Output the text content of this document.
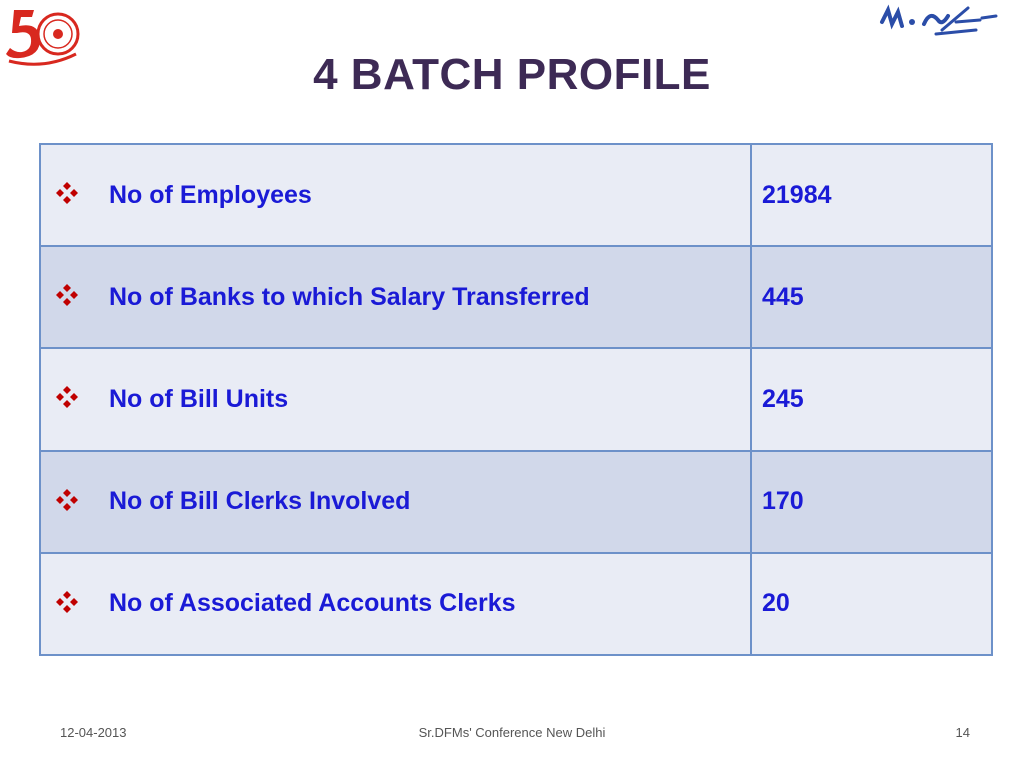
4 BATCH PROFILE
No of Employees	21984

No of Banks to which Salary Transferred	445

No of Bill Units	245

No of Bill Clerks Involved	170

No of Associated Accounts Clerks	20
12-04-2013	Sr.DFMs' Conference New Delhi	14
